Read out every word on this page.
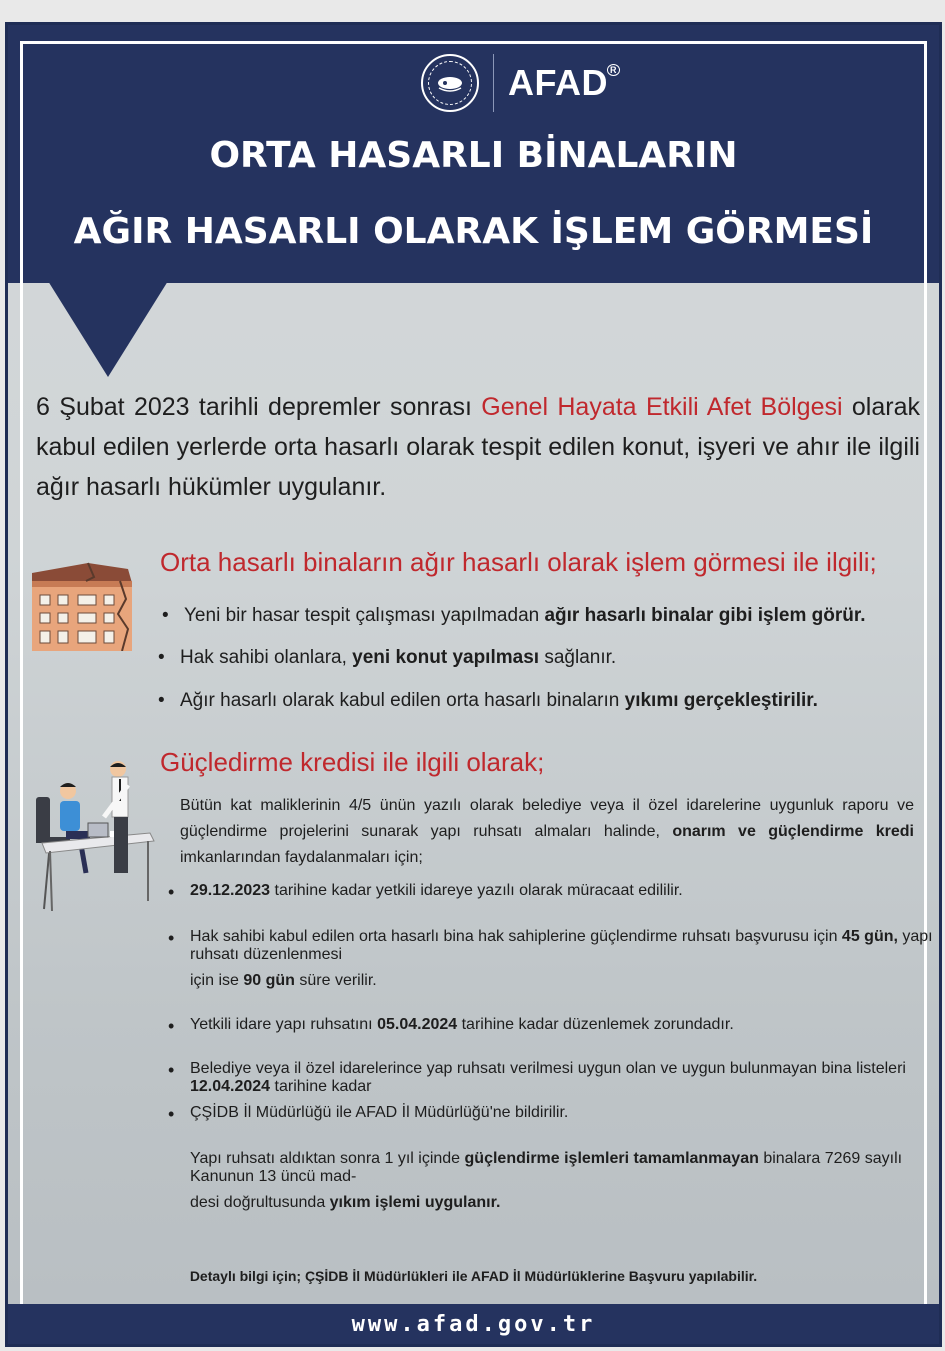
AFAD R
ORTA HASARLI BİNALARIN
AĞIR HASARLI OLARAK İŞLEM GÖRMESİ
6 Şubat 2023 tarihli depremler sonrası Genel Hayata Etkili Afet Bölgesi olarak kabul edilen yerlerde orta hasarlı olarak tespit edilen konut, işyeri ve ahır ile ilgili ağır hasarlı hükümler uygulanır.
Orta hasarlı binaların ağır hasarlı olarak işlem görmesi ile ilgili;
• Yeni bir hasar tespit çalışması yapılmadan ağır hasarlı binalar gibi işlem görür.
• Hak sahibi olanlara, yeni konut yapılması sağlanır.
• Ağır hasarlı olarak kabul edilen orta hasarlı binaların yıkımı gerçekleştirilir.
Güçledirme kredisi ile ilgili olarak;
Bütün kat maliklerinin 4/5 ünün yazılı olarak belediye veya il özel idarelerine uygunluk raporu ve güçlendirme projelerini sunarak yapı ruhsatı almaları halinde, onarım ve güçlendirme kredi imkanlarından faydalanmaları için;
• 29.12.2023 tarihine kadar yetkili idareye yazılı olarak müracaat edililir.
• Hak sahibi kabul edilen orta hasarlı bina hak sahiplerine güçlendirme ruhsatı başvurusu için 45 gün, yapı ruhsatı düzenlenmesi
için ise 90 gün süre verilir.
• Yetkili idare yapı ruhsatını 05.04.2024 tarihine kadar düzenlemek zorundadır.
• Belediye veya il özel idarelerince yap ruhsatı verilmesi uygun olan ve uygun bulunmayan bina listeleri 12.04.2024 tarihine kadar
• ÇŞİDB İl Müdürlüğü ile AFAD İl Müdürlüğü'ne bildirilir.
Yapı ruhsatı aldıktan sonra 1 yıl içinde güçlendirme işlemleri tamamlanmayan binalara 7269 sayılı Kanunun 13 üncü mad-
desi doğrultusunda yıkım işlemi uygulanır.
Detaylı bilgi için; ÇŞİDB İl Müdürlükleri ile AFAD İl Müdürlüklerine Başvuru yapılabilir.
www.afad.gov.tr
